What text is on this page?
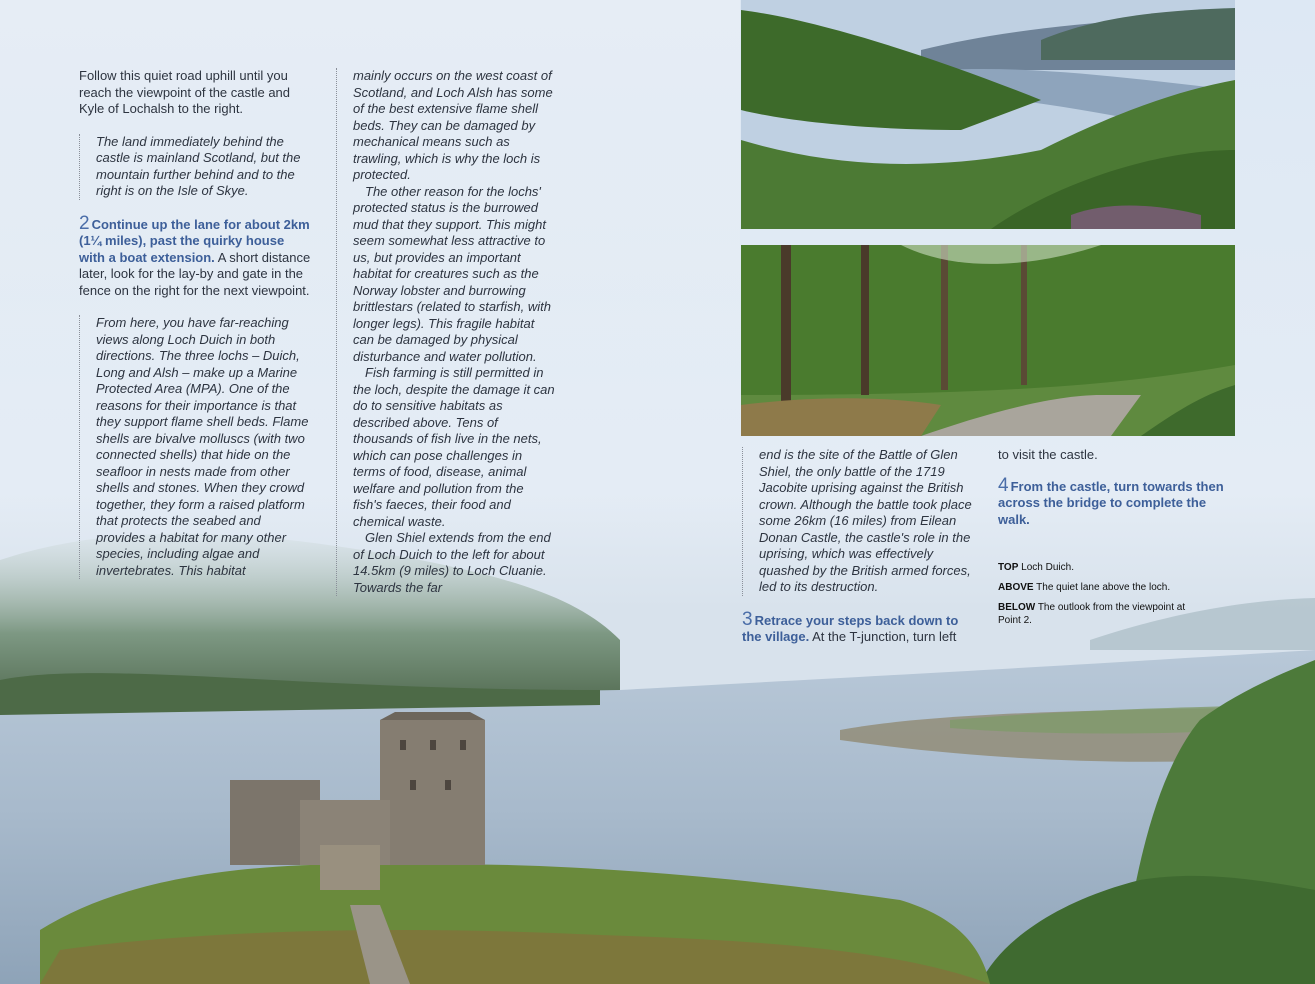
Follow this quiet road uphill until you reach the viewpoint of the castle and Kyle of Lochalsh to the right.

The land immediately behind the castle is mainland Scotland, but the mountain further behind and to the right is on the Isle of Skye.

2 Continue up the lane for about 2km (1¼ miles), past the quirky house with a boat extension. A short distance later, look for the lay-by and gate in the fence on the right for the next viewpoint.

From here, you have far-reaching views along Loch Duich in both directions. The three lochs – Duich, Long and Alsh – make up a Marine Protected Area (MPA). One of the reasons for their importance is that they support flame shell beds. Flame shells are bivalve molluscs (with two connected shells) that hide on the seafloor in nests made from other shells and stones. When they crowd together, they form a raised platform that protects the seabed and provides a habitat for many other species, including algae and invertebrates. This habitat

mainly occurs on the west coast of Scotland, and Loch Alsh has some of the best extensive flame shell beds. They can be damaged by mechanical means such as trawling, which is why the loch is protected.

The other reason for the lochs' protected status is the burrowed mud that they support. This might seem somewhat less attractive to us, but provides an important habitat for creatures such as the Norway lobster and burrowing brittlestars (related to starfish, with longer legs). This fragile habitat can be damaged by physical disturbance and water pollution.

Fish farming is still permitted in the loch, despite the damage it can do to sensitive habitats as described above. Tens of thousands of fish live in the nets, which can pose challenges in terms of food, disease, animal welfare and pollution from the fish's faeces, their food and chemical waste.

Glen Shiel extends from the end of Loch Duich to the left for about 14.5km (9 miles) to Loch Cluanie. Towards the far

end is the site of the Battle of Glen Shiel, the only battle of the 1719 Jacobite uprising against the British crown. Although the battle took place some 26km (16 miles) from Eilean Donan Castle, the castle's role in the uprising, which was effectively quashed by the British armed forces, led to its destruction.

3 Retrace your steps back down to the village. At the T-junction, turn left

to visit the castle.

4 From the castle, turn towards then across the bridge to complete the walk.

TOP Loch Duich.
ABOVE The quiet lane above the loch.
BELOW The outlook from the viewpoint at Point 2.
